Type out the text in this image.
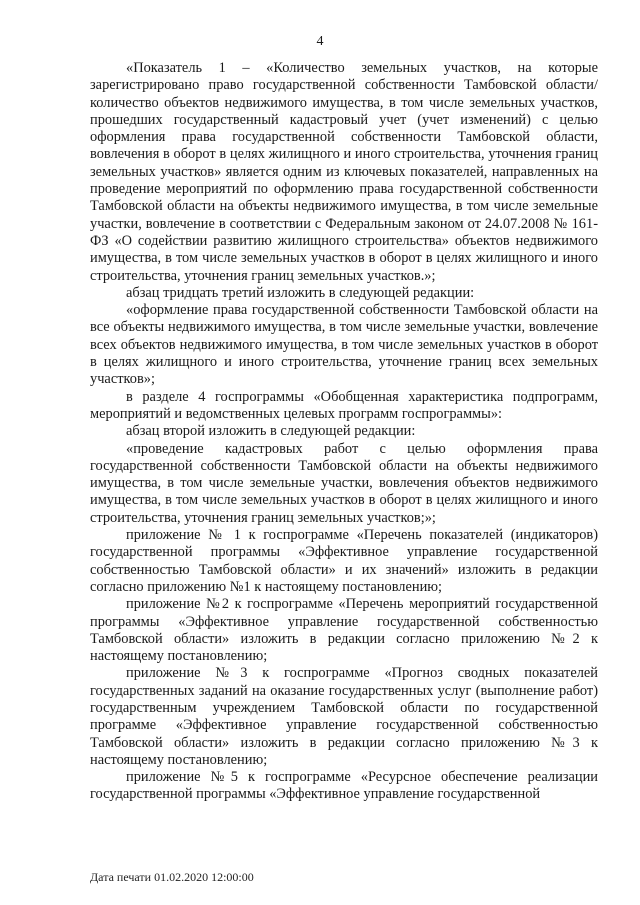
4

«Показатель 1 – «Количество земельных участков, на которые зарегистрировано право государственной собственности Тамбовской области/количество объектов недвижимого имущества, в том числе земельных участков, прошедших государственный кадастровый учет (учет изменений) с целью оформления права государственной собственности Тамбовской области, вовлечения в оборот в целях жилищного и иного строительства, уточнения границ земельных участков» является одним из ключевых показателей, направленных на проведение мероприятий по оформлению права государственной собственности Тамбовской области на объекты недвижимого имущества, в том числе земельные участки, вовлечение в соответствии с Федеральным законом от 24.07.2008 № 161-ФЗ «О содействии развитию жилищного строительства» объектов недвижимого имущества, в том числе земельных участков в оборот в целях жилищного и иного строительства, уточнения границ земельных участков.»;

абзац тридцать третий изложить в следующей редакции:

«оформление права государственной собственности Тамбовской области на все объекты недвижимого имущества, в том числе земельные участки, вовлечение всех объектов недвижимого имущества, в том числе земельных участков в оборот в целях жилищного и иного строительства, уточнение границ всех земельных участков»;

в разделе 4 госпрограммы «Обобщенная характеристика подпрограмм, мероприятий и ведомственных целевых программ госпрограммы»:

абзац второй изложить в следующей редакции:

«проведение кадастровых работ с целью оформления права государственной собственности Тамбовской области на объекты недвижимого имущества, в том числе земельные участки, вовлечения объектов недвижимого имущества, в том числе земельных участков в оборот в целях жилищного и иного строительства, уточнения границ земельных участков;»;

приложение № 1 к госпрограмме «Перечень показателей (индикаторов) государственной программы «Эффективное управление государственной собственностью Тамбовской области» и их значений» изложить в редакции согласно приложению №1 к настоящему постановлению;

приложение №2 к госпрограмме «Перечень мероприятий государственной программы «Эффективное управление государственной собственностью Тамбовской области» изложить в редакции согласно приложению №2 к настоящему постановлению;

приложение №3 к госпрограмме «Прогноз сводных показателей государственных заданий на оказание государственных услуг (выполнение работ) государственным учреждением Тамбовской области по государственной программе «Эффективное управление государственной собственностью Тамбовской области» изложить в редакции согласно приложению №3 к настоящему постановлению;

приложение №5 к госпрограмме «Ресурсное обеспечение реализации государственной программы «Эффективное управление государственной

Дата печати 01.02.2020 12:00:00
